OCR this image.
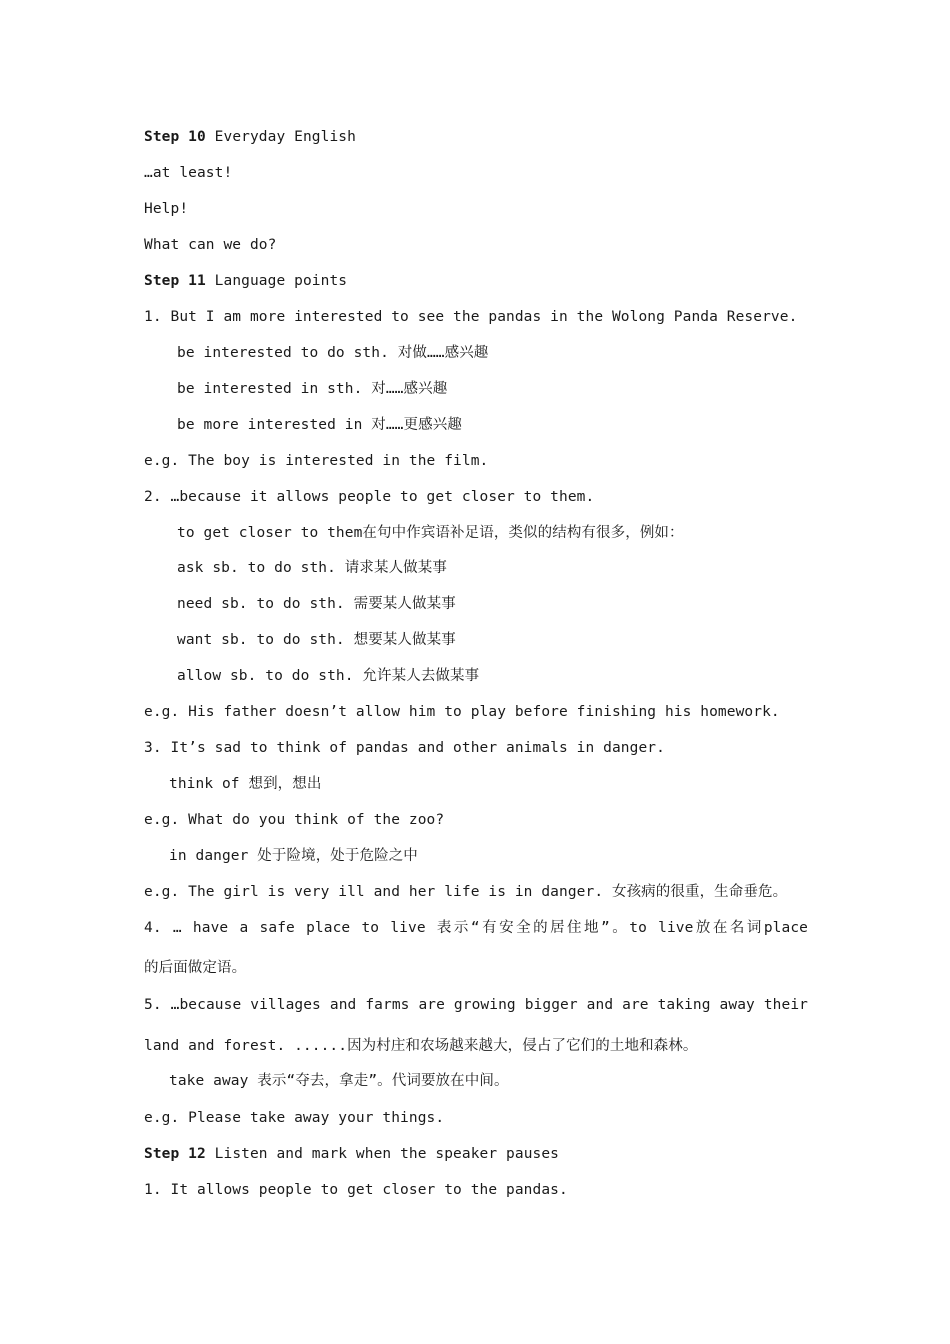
Step 10 Everyday English
…at least!
Help!
What can we do?
Step 11 Language points
1. But I am more interested to see the pandas in the Wolong Panda Reserve.
be interested to do sth. 对做……感兴趣
be interested in sth. 对……感兴趣
be more interested in 对……更感兴趣
e.g. The boy is interested in the film.
2. …because it allows people to get closer to them.
to get closer to them在句中作宾语补足语，类似的结构有很多，例如：
ask sb. to do sth. 请求某人做某事
need sb. to do sth. 需要某人做某事
want sb. to do sth. 想要某人做某事
allow sb. to do sth. 允许某人去做某事
e.g. His father doesn’t allow him to play before finishing his homework.
3. It’s sad to think of pandas and other animals in danger.
think of 想到，想出
e.g. What do you think of the zoo?
in danger 处于险境，处于危险之中
e.g. The girl is very ill and her life is in danger. 女孩病的很重，生命垂危。
4. … have a safe place to live 表示“有安全的居住地”。to live放在名词place
的后面做定语。
5. …because villages and farms are growing bigger and are taking away their
land and forest. ......因为村庄和农场越来越大，侵占了它们的土地和森林。
take away 表示“夺去，拿走”。代词要放在中间。
e.g. Please take away your things.
Step 12 Listen and mark when the speaker pauses
1. It allows people to get closer to the pandas.
